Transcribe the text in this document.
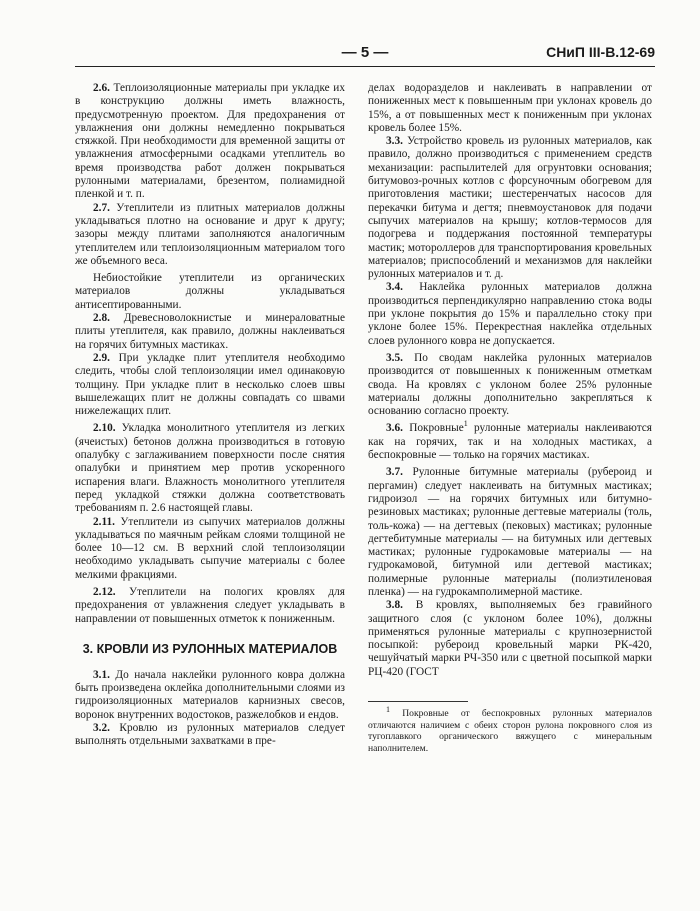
— 5 —	СНиП III-В.12-69

2.6. Теплоизоляционные материалы при укладке их в конструкцию должны иметь влажность, предусмотренную проектом. Для предохранения от увлажнения они должны немедленно покрываться стяжкой. При необходимости для временной защиты от увлажнения атмосферными осадками утеплитель во время производства работ должен покрываться рулонными материалами, брезентом, полиамидной пленкой и т. п.

2.7. Утеплители из плитных материалов должны укладываться плотно на основание и друг к другу; зазоры между плитами заполняются аналогичным утеплителем или теплоизоляционным материалом того же объемного веса.

Небиостойкие утеплители из органических материалов должны укладываться антисептированными.

2.8. Древесноволокнистые и минераловатные плиты утеплителя, как правило, должны наклеиваться на горячих битумных мастиках.

2.9. При укладке плит утеплителя необходимо следить, чтобы слой теплоизоляции имел одинаковую толщину. При укладке плит в несколько слоев швы вышележащих плит не должны совпадать со швами нижележащих плит.

2.10. Укладка монолитного утеплителя из легких (ячеистых) бетонов должна производиться в готовую опалубку с заглаживанием поверхности после снятия опалубки и принятием мер против ускоренного испарения влаги. Влажность монолитного утеплителя перед укладкой стяжки должна соответствовать требованиям п. 2.6 настоящей главы.

2.11. Утеплители из сыпучих материалов должны укладываться по маячным рейкам слоями толщиной не более 10—12 см. В верхний слой теплоизоляции необходимо укладывать сыпучие материалы с более мелкими фракциями.

2.12. Утеплители на пологих кровлях для предохранения от увлажнения следует укладывать в направлении от повышенных отметок к пониженным.

3. КРОВЛИ ИЗ РУЛОННЫХ МАТЕРИАЛОВ

3.1. До начала наклейки рулонного ковра должна быть произведена оклейка дополнительными слоями из гидроизоляционных материалов карнизных свесов, воронок внутренних водостоков, разжелобков и ендов.

3.2. Кровлю из рулонных материалов следует выполнять отдельными захватками в пре-

делах водоразделов и наклеивать в направлении от пониженных мест к повышенным при уклонах кровель до 15%, а от повышенных мест к пониженным при уклонах кровель более 15%.

3.3. Устройство кровель из рулонных материалов, как правило, должно производиться с применением средств механизации: распылителей для огрунтовки основания; битумовоз-рочных котлов с форсуночным обогревом для приготовления мастики; шестеренчатых насосов для перекачки битума и дегтя; пневмоустановок для подачи сыпучих материалов на крышу; котлов-термосов для подогрева и поддержания постоянной температуры мастик; мотороллеров для транспортирования кровельных материалов; приспособлений и механизмов для наклейки рулонных материалов и т. д.

3.4. Наклейка рулонных материалов должна производиться перпендикулярно направлению стока воды при уклоне покрытия до 15% и параллельно стоку при уклоне более 15%. Перекрестная наклейка отдельных слоев рулонного ковра не допускается.

3.5. По сводам наклейка рулонных материалов производится от повышенных к пониженным отметкам свода. На кровлях с уклоном более 25% рулонные материалы должны дополнительно закрепляться к основанию согласно проекту.

3.6. Покровные$^1$ рулонные материалы наклеиваются как на горячих, так и на холодных мастиках, а беспокровные — только на горячих мастиках.

3.7. Рулонные битумные материалы (рубероид и пергамин) следует наклеивать на битумных мастиках; гидроизол — на горячих битумных или битумно-резиновых мастиках; рулонные дегтевые материалы (толь, толь-кожа) — на дегтевых (пековых) мастиках; рулонные дегтебитумные материалы — на битумных или дегтевых мастиках; рулонные гудрокамовые материалы — на гудрокамовой, битумной или дегтевой мастиках; полимерные рулонные материалы (полиэтиленовая пленка) — на гудрокамполимерной мастике.

3.8. В кровлях, выполняемых без гравийного защитного слоя (с уклоном более 10%), должны применяться рулонные материалы с крупнозернистой посыпкой: рубероид кровельный марки РК-420, чешуйчатый марки РЧ-350 или с цветной посыпкой марки РЦ-420 (ГОСТ

$^1$ Покровные от беспокровных рулонных материалов отличаются наличием с обеих сторон рулона покровного слоя из тугоплавкого органического вяжущего с минеральным наполнителем.
